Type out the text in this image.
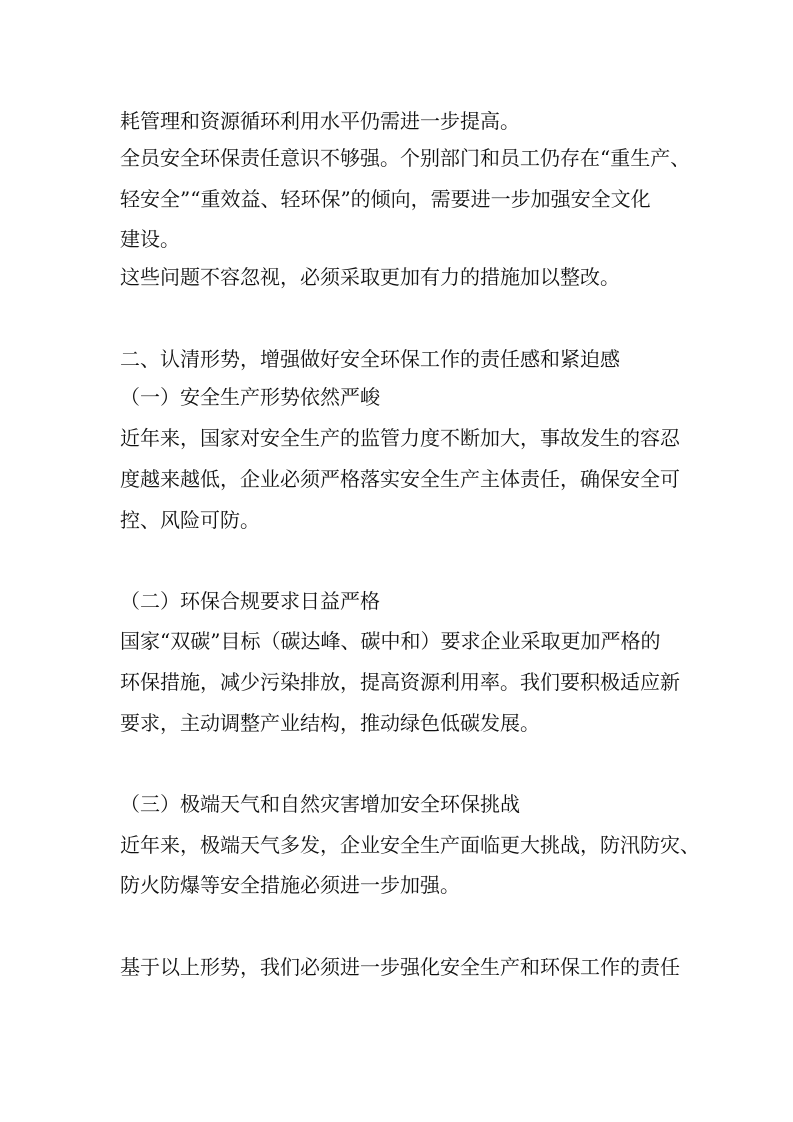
耗管理和资源循环利用水平仍需进一步提高。
全员安全环保责任意识不够强。个别部门和员工仍存在“重生产、
轻安全”“重效益、轻环保”的倾向，需要进一步加强安全文化
建设。
这些问题不容忽视，必须采取更加有力的措施加以整改。
二、认清形势，增强做好安全环保工作的责任感和紧迫感
（一）安全生产形势依然严峻
近年来，国家对安全生产的监管力度不断加大，事故发生的容忍
度越来越低，企业必须严格落实安全生产主体责任，确保安全可
控、风险可防。
（二）环保合规要求日益严格
国家“双碳”目标（碳达峰、碳中和）要求企业采取更加严格的
环保措施，减少污染排放，提高资源利用率。我们要积极适应新
要求，主动调整产业结构，推动绿色低碳发展。
（三）极端天气和自然灾害增加安全环保挑战
近年来，极端天气多发，企业安全生产面临更大挑战，防汛防灾、
防火防爆等安全措施必须进一步加强。
基于以上形势，我们必须进一步强化安全生产和环保工作的责任
